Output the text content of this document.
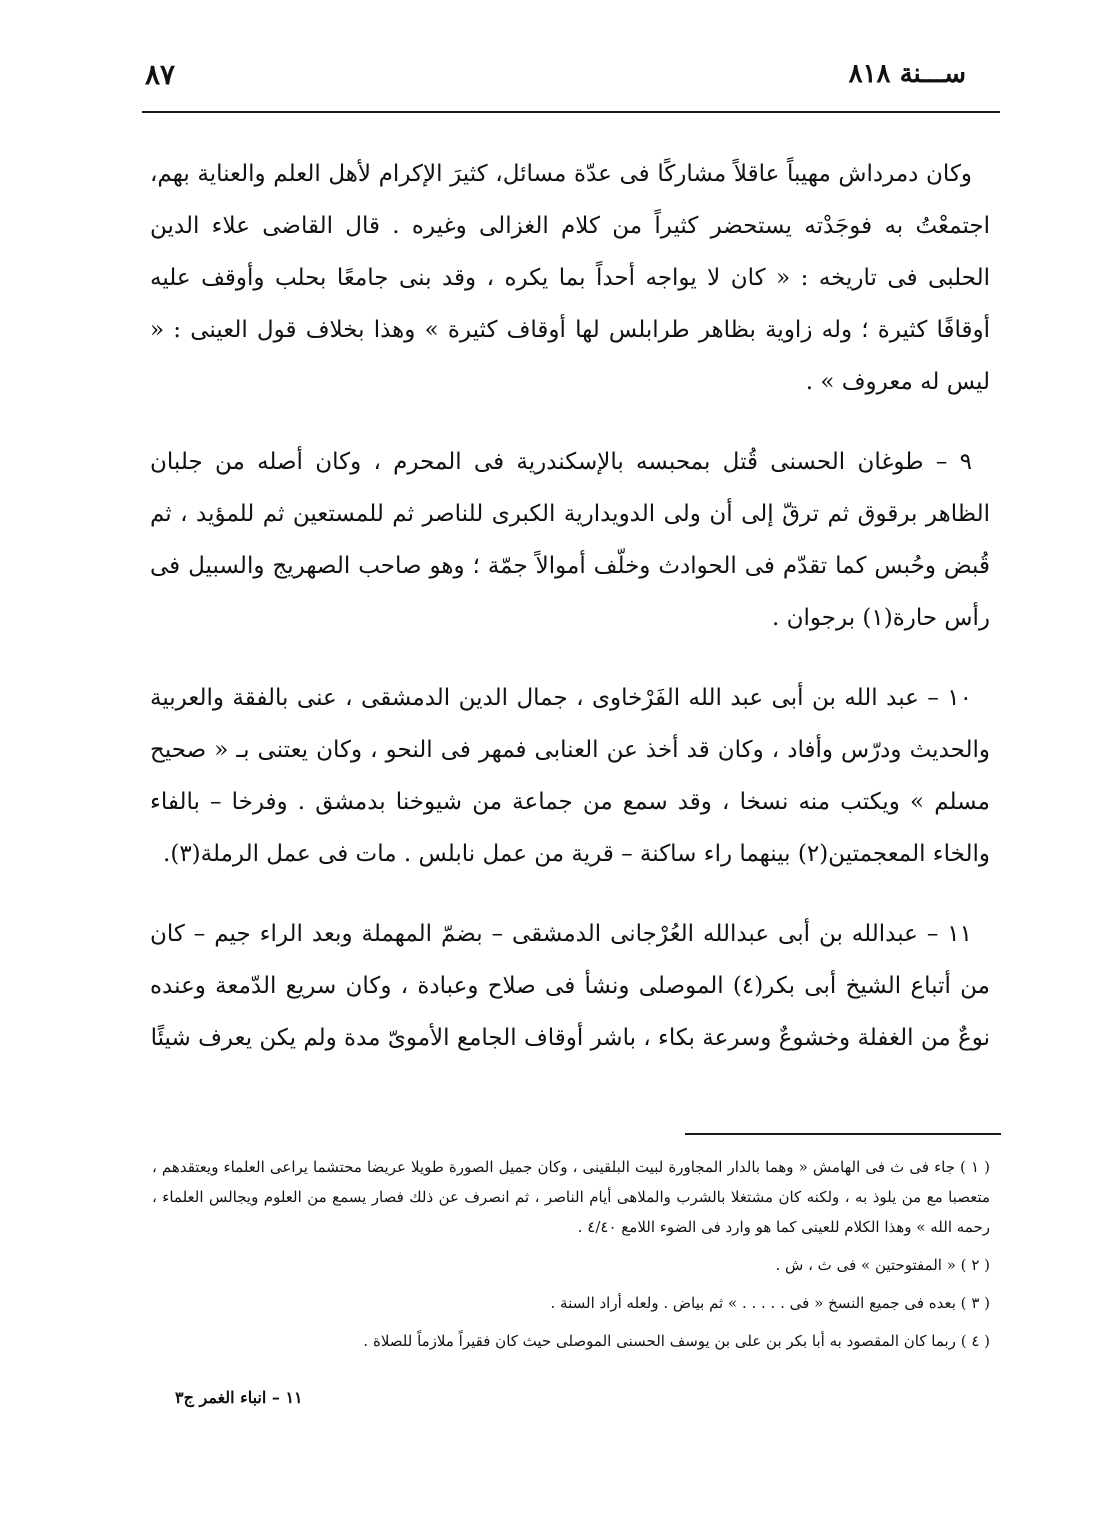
ســـنة ٨١٨
٨٧

وكان دمرداش مهيباً عاقلاً مشاركًا فى عدّة مسائل، كثيرَ الإكرام لأهل العلم والعناية بهم، اجتمعْتُ به فوجَدْته يستحضر كثيراً من كلام الغزالى وغيره . قال القاضى علاء الدين الحلبى فى تاريخه : « كان لا يواجه أحداً بما يكره ، وقد بنى جامعًا بحلب وأوقف عليه أوقافًا كثيرة ؛ وله زاوية بظاهر طرابلس لها أوقاف كثيرة » وهذا بخلاف قول العينى : « ليس له معروف » .

٩ – طوغان الحسنى قُتل بمحبسه بالإسكندرية فى المحرم ، وكان أصله من جلبان الظاهر برقوق ثم ترقّ إلى أن ولى الدويدارية الكبرى للناصر ثم للمستعين ثم للمؤيد ، ثم قُبض وحُبس كما تقدّم فى الحوادث وخلّف أموالاً جمّة ؛ وهو صاحب الصهريج والسبيل فى رأس حارة(١) برجوان .

١٠ – عبد الله بن أبى عبد الله الفَرْخاوى ، جمال الدين الدمشقى ، عنى بالفقة والعربية والحديث ودرّس وأفاد ، وكان قد أخذ عن العنابى فمهر فى النحو ، وكان يعتنى بـ « صحيح مسلم » ويكتب منه نسخا ، وقد سمع من جماعة من شيوخنا بدمشق . وفرخا – بالفاء والخاء المعجمتين(٢) بينهما راء ساكنة – قرية من عمل نابلس . مات فى عمل الرملة(٣).

١١ – عبدالله بن أبى عبدالله العُرْجانى الدمشقى – بضمّ المهملة وبعد الراء جيم – كان من أتباع الشيخ أبى بكر(٤) الموصلى ونشأ فى صلاح وعبادة ، وكان سريع الدّمعة وعنده نوعٌ من الغفلة وخشوعٌ وسرعة بكاء ، باشر أوقاف الجامع الأموىّ مدة ولم يكن يعرف شيئًا

( ١ ) جاء فى ث فى الهامش « وهما بالدار المجاورة لبيت البلقينى ، وكان جميل الصورة طويلا عريضا محتشما يراعى العلماء ويعتقدهم ، متعصبا مع من يلوذ به ، ولكنه كان مشتغلا بالشرب والملاهى أيام الناصر ، ثم انصرف عن ذلك فصار يسمع من العلوم ويجالس العلماء ، رحمه الله » وهذا الكلام للعينى كما هو وارد فى الضوء اللامع ٤/٤٠ .

( ٢ ) « المفتوحتين » فى ث ، ش .

( ٣ ) بعده فى جميع النسخ « فى . . . . . » ثم بياض . ولعله أراد السنة .

( ٤ ) ربما كان المقصود به أبا بكر بن على بن يوسف الحسنى الموصلى حيث كان فقيراً ملازماً للصلاة .

١١ – انباء الغمر ج٣
